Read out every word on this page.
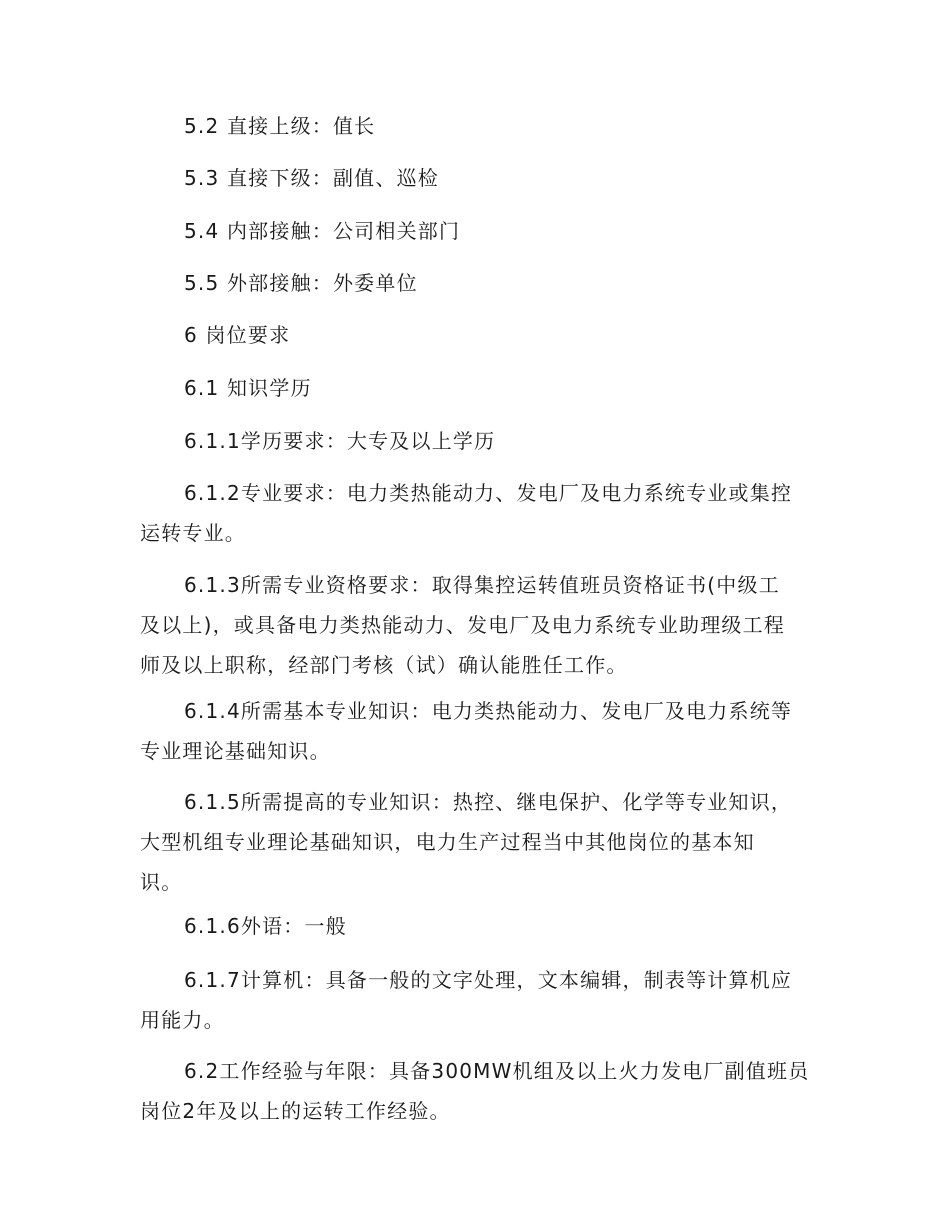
5.2 直接上级：值长
5.3 直接下级：副值、巡检
5.4 内部接触：公司相关部门
5.5 外部接触：外委单位
6 岗位要求
6.1 知识学历
6.1.1学历要求：大专及以上学历
6.1.2专业要求：电力类热能动力、发电厂及电力系统专业或集控
运转专业。
6.1.3所需专业资格要求：取得集控运转值班员资格证书(中级工
及以上)，或具备电力类热能动力、发电厂及电力系统专业助理级工程
师及以上职称，经部门考核（试）确认能胜任工作。
6.1.4所需基本专业知识：电力类热能动力、发电厂及电力系统等
专业理论基础知识。
6.1.5所需提高的专业知识：热控、继电保护、化学等专业知识，
大型机组专业理论基础知识，电力生产过程当中其他岗位的基本知
识。
6.1.6外语：一般
6.1.7计算机：具备一般的文字处理，文本编辑，制表等计算机应
用能力。
6.2工作经验与年限：具备300MW机组及以上火力发电厂副值班员
岗位2年及以上的运转工作经验。
